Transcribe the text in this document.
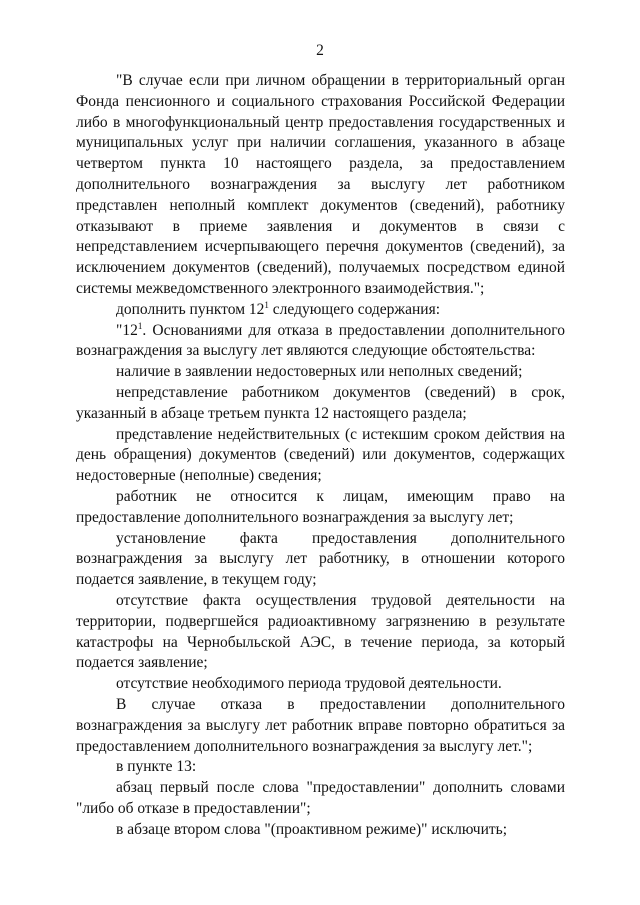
2

"В случае если при личном обращении в территориальный орган Фонда пенсионного и социального страхования Российской Федерации либо в многофункциональный центр предоставления государственных и муниципальных услуг при наличии соглашения, указанного в абзаце четвертом пункта 10 настоящего раздела, за предоставлением дополнительного вознаграждения за выслугу лет работником представлен неполный комплект документов (сведений), работнику отказывают в приеме заявления и документов в связи с непредставлением исчерпывающего перечня документов (сведений), за исключением документов (сведений), получаемых посредством единой системы межведомственного электронного взаимодействия.";

дополнить пунктом $12^1$ следующего содержания:

"$12^1$. Основаниями для отказа в предоставлении дополнительного вознаграждения за выслугу лет являются следующие обстоятельства:

наличие в заявлении недостоверных или неполных сведений;

непредставление работником документов (сведений) в срок, указанный в абзаце третьем пункта 12 настоящего раздела;

представление недействительных (с истекшим сроком действия на день обращения) документов (сведений) или документов, содержащих недостоверные (неполные) сведения;

работник не относится к лицам, имеющим право на предоставление дополнительного вознаграждения за выслугу лет;

установление факта предоставления дополнительного вознаграждения за выслугу лет работнику, в отношении которого подается заявление, в текущем году;

отсутствие факта осуществления трудовой деятельности на территории, подвергшейся радиоактивному загрязнению в результате катастрофы на Чернобыльской АЭС, в течение периода, за который подается заявление;

отсутствие необходимого периода трудовой деятельности.

В случае отказа в предоставлении дополнительного вознаграждения за выслугу лет работник вправе повторно обратиться за предоставлением дополнительного вознаграждения за выслугу лет.";

в пункте 13:

абзац первый после слова "предоставлении" дополнить словами "либо об отказе в предоставлении";

в абзаце втором слова "(проактивном режиме)" исключить;
